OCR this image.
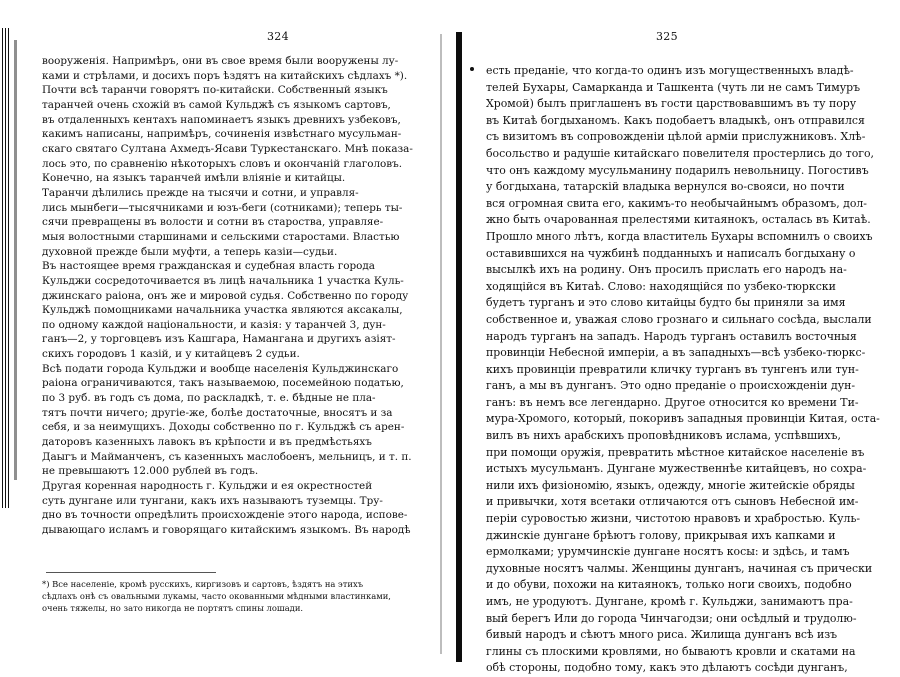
324
вооруженія. Напримѣръ, они въ свое время были вооружены лу-
ками и стрѣлами, и досихъ поръ ѣздятъ на китайскихъ сѣдлахъ *).
Почти всѣ таранчи говорятъ по-китайски. Собственный языкъ
таранчей очень схожій въ самой Кульджѣ съ языкомъ сартовъ,
въ отдаленныхъ кентахъ напоминаетъ языкъ древнихъ узбековъ,
какимъ написаны, напримѣръ, сочиненія извѣстнаго мусульман-
скаго святаго Султана Ахмедъ-Ясави Туркестанскаго. Мнѣ показа-
лось это, по сравненію нѣкоторыхъ словъ и окончаній глаголовъ.
Конечно, на языкъ таранчей имѣли вліяніе и китайцы.
Таранчи дѣлились прежде на тысячи и сотни, и управля-
лись мынбеги—тысячниками и юзъ-беги (сотниками); теперь ты-
сячи превращены въ волости и сотни въ староства, управляе-
мыя волостными старшинами и сельскими старостами. Властью
духовной прежде были муфти, а теперь казіи—судьи.
Въ настоящее время гражданская и судебная власть города
Кульджи сосредоточивается въ лицѣ начальника 1 участка Куль-
джинскаго раіона, онъ же и мировой судья. Собственно по городу
Кульджѣ помощниками начальника участка являются аксакалы,
по одному каждой національности, и казія: у таранчей 3, дун-
ганъ—2, у торговцевъ изъ Кашгара, Намангана и другихъ азіят-
скихъ городовъ 1 казій, и у китайцевъ 2 судьи.
Всѣ подати города Кульджи и вообще населенія Кульджинскаго
раіона ограничиваются, такъ называемою, посемейною податью,
по 3 руб. въ годъ съ дома, по раскладкѣ, т. е. бѣдные не пла-
тятъ почти ничего; другіе-же, болѣе достаточные, вносятъ и за
себя, и за неимущихъ. Доходы собственно по г. Кульджѣ съ арен-
даторовъ казенныхъ лавокъ въ крѣпости и въ предмѣстьяхъ
Даыгъ и Майманченъ, съ казенныхъ маслобоенъ, мельницъ, и т. п.
не превышаютъ 12.000 рублей въ годъ.
Другая коренная народность г. Кульджи и ея окрестностей
суть дунгане или тунгани, какъ ихъ называютъ туземцы. Тру-
дно въ точности опредѣлить происхожденіе этого народа, испове-
дывающаго исламъ и говорящаго китайскимъ языкомъ. Въ народѣ
*) Все населеніе, кромѣ русскихъ, киргизовъ и сартовъ, ѣздятъ на этихъ
сѣдлахъ онѣ съ овальными лукамы, часто окованными мѣдными властинками,
очень тяжелы, но зато никогда не портятъ спины лошади.
325
есть преданіе, что когда-то одинъ изъ могущественныхъ владѣ-
телей Бухары, Самарканда и Ташкента (чуть ли не самъ Тимуръ
Хромой) былъ приглашенъ въ гости царствовавшимъ въ ту пору
въ Китаѣ богдыханомъ. Какъ подобаетъ владыкѣ, онъ отправился
съ визитомъ въ сопровожденіи цѣлой арміи прислужниковъ. Хлѣ-
босольство и радушіе китайскаго повелителя простерлись до того,
что онъ каждому мусульманину подарилъ невольницу. Погостивъ
у богдыхана, татарскій владыка вернулся во-свояси, но почти
вся огромная свита его, какимъ-то необычайнымъ образомъ, дол-
жно быть очарованная прелестями китаянокъ, осталась въ Китаѣ.
Прошло много лѣтъ, когда властитель Бухары вспомнилъ о своихъ
оставившихся на чужбинѣ подданныхъ и написалъ богдыхану о
высылкѣ ихъ на родину. Онъ просилъ прислать его народъ на-
ходящійся въ Китаѣ. Слово: находящійся по узбеко-тюркски
будетъ турганъ и это слово китайцы будто бы приняли за имя
собственное и, уважая слово грознаго и сильнаго сосѣда, выслали
народъ турганъ на западъ. Народъ турганъ оставилъ восточныя
провинціи Небесной имперіи, а въ западныхъ—всѣ узбеко-тюркс-
кихъ провинціи превратили кличку турганъ въ тунгенъ или тун-
ганъ, а мы въ дунганъ. Это одно преданіе о происхожденіи дун-
ганъ: въ немъ все легендарно. Другое относится ко времени Ти-
мура-Хромого, который, покоривъ западныя провинціи Китая, оста-
вилъ въ нихъ арабскихъ проповѣдниковъ ислама, успѣвшихъ,
при помощи оружія, превратить мѣстное китайское населеніе въ
истыхъ мусульманъ. Дунгане мужественнѣе китайцевъ, но сохра-
нили ихъ физіономію, языкъ, одежду, многіе житейскіе обряды
и привычки, хотя всетаки отличаются отъ сыновъ Небесной им-
періи суровостью жизни, чистотою нравовъ и храбростью. Куль-
джинскіе дунгане брѣютъ голову, прикрывая ихъ капками и
ермолками; урумчинскіе дунгане носятъ косы: и здѣсь, и тамъ
духовные носятъ чалмы. Женщины дунганъ, начиная съ прически
и до обуви, похожи на китаянокъ, только ноги своихъ, подобно
имъ, не уродуютъ. Дунгане, кромѣ г. Кульджи, занимаютъ пра-
вый берегъ Или до города Чинчагодзи; они осѣдлый и трудолю-
бивый народъ и сѣютъ много риса. Жилища дунганъ всѣ изъ
глины съ плоскими кровлями, но бываютъ кровли и скатами на
обѣ стороны, подобно тому, какъ это дѣлаютъ сосѣди дунганъ,
